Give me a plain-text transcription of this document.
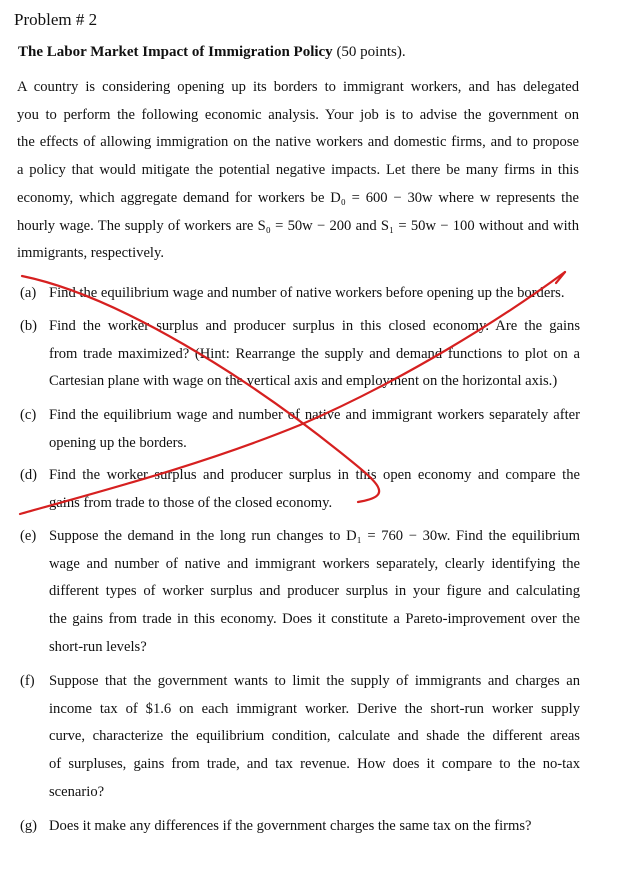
Problem # 2
The Labor Market Impact of Immigration Policy (50 points).
A country is considering opening up its borders to immigrant workers, and has delegated
you to perform the following economic analysis. Your job is to advise the government on
the effects of allowing immigration on the native workers and domestic firms, and to propose
a policy that would mitigate the potential negative impacts. Let there be many firms in this
economy, which aggregate demand for workers be D₀ = 600 − 30w where w represents the
hourly wage. The supply of workers are S₀ = 50w − 200 and S₁ = 50w − 100 without and with
immigrants, respectively.
(a) Find the equilibrium wage and number of native workers before opening up the borders.
(b) Find the worker surplus and producer surplus in this closed economy. Are the gains
from trade maximized? (Hint: Rearrange the supply and demand functions to plot on a
Cartesian plane with wage on the vertical axis and employment on the horizontal axis.)
(c) Find the equilibrium wage and number of native and immigrant workers separately after
opening up the borders.
(d) Find the worker surplus and producer surplus in this open economy and compare the
gains from trade to those of the closed economy.
(e) Suppose the demand in the long run changes to D₁ = 760 − 30w. Find the equilibrium
wage and number of native and immigrant workers separately, clearly identifying the
different types of worker surplus and producer surplus in your figure and calculating
the gains from trade in this economy. Does it constitute a Pareto-improvement over the
short-run levels?
(f) Suppose that the government wants to limit the supply of immigrants and charges an
income tax of $1.6 on each immigrant worker. Derive the short-run worker supply
curve, characterize the equilibrium condition, calculate and shade the different areas
of surpluses, gains from trade, and tax revenue. How does it compare to the no-tax
scenario?
(g) Does it make any differences if the government charges the same tax on the firms?
